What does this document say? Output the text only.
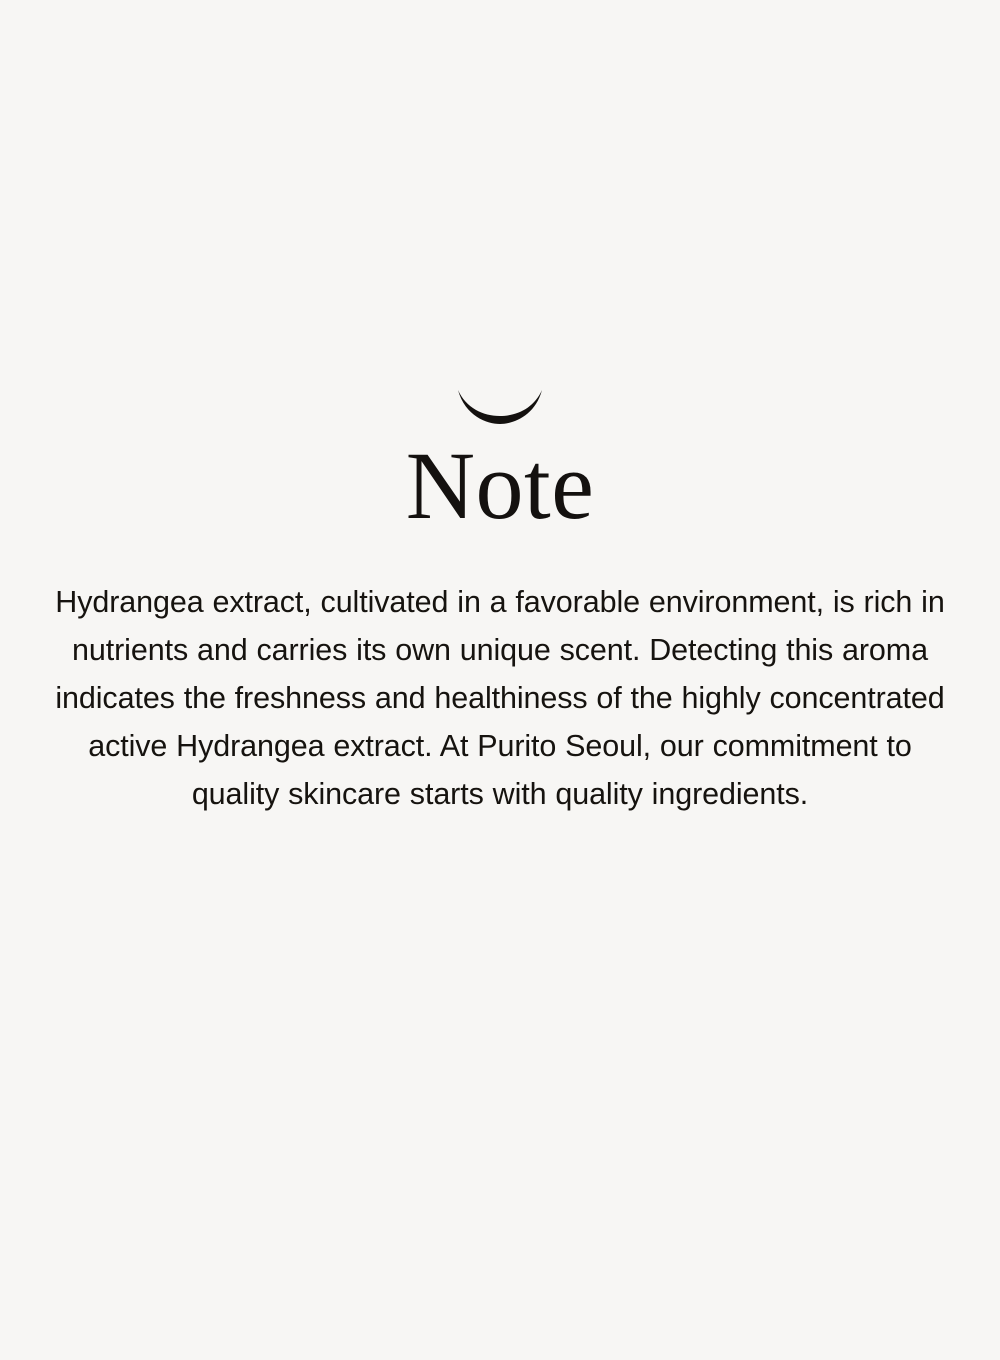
Note
Hydrangea extract, cultivated in a favorable environment, is rich in nutrients and carries its own unique scent. Detecting this aroma indicates the freshness and healthiness of the highly concentrated active Hydrangea extract. At Purito Seoul, our commitment to quality skincare starts with quality ingredients.
